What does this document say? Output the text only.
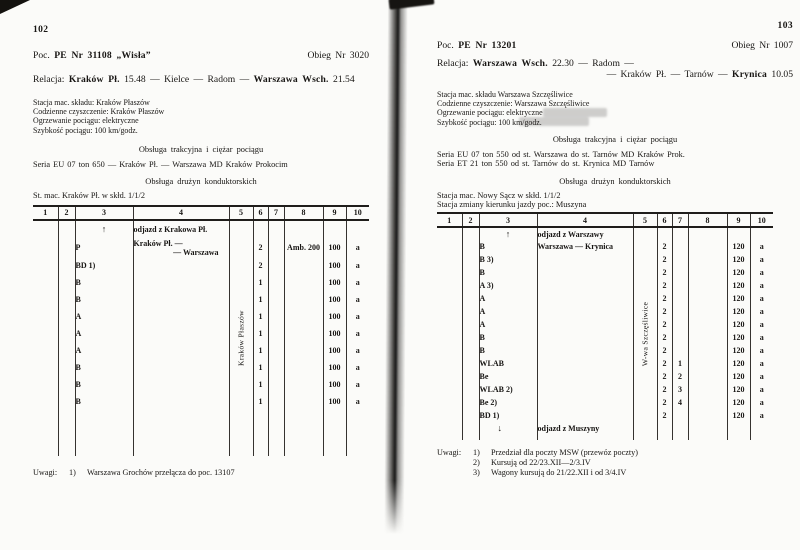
102
Poc. PE Nr 31108 „Wisła”	Obieg Nr 3020
Relacja: Kraków Pł. 15.48 — Kielce — Radom — Warszawa Wsch. 21.54
Stacja mac. składu: Kraków Płaszów
Codzienne czyszczenie: Kraków Płaszów
Ogrzewanie pociągu: elektryczne
Szybkość pociągu: 100 km/godz.
Obsługa trakcyjna i ciężar pociągu
Seria EU 07 ton 650 — Kraków Pł. — Warszawa MD Kraków Prokocim
Obsługa drużyn konduktorskich
St. mac. Kraków Pł. w skłd. 1/1/2
1	2	3	4	5	6	7	8	9	10
		↑	odjazd z Krakowa Pł.	Kraków Płaszów					

		P	Kraków Pł. —
— Warszawa		2		Amb. 200	100	a
		BD 1)			2			100	a
		B			1			100	a
		B			1			100	a
		A			1			100	a
		A			1			100	a
		A			1			100	a
		B			1			100	a
		B			1			100	a
		B			1			100	a

Uwagi:	1)	Warszawa Grochów przełącza do poc. 13107
103
Poc. PE Nr 13201	Obieg Nr 1007
Relacja: Warszawa Wsch. 22.30 — Radom —
— Kraków Pł. — Tarnów — Krynica 10.05
Stacja mac. składu Warszawa Szczęśliwice
Codzienne czyszczenie: Warszawa Szczęśliwice
Ogrzewanie pociągu: elektryczne
Szybkość pociągu: 100 km/godz.
Obsługa trakcyjna i ciężar pociągu
Seria EU 07 ton 550 od st. Warszawa do st. Tarnów MD Kraków Prok.
Seria ET 21 ton 550 od st. Tarnów do st. Krynica MD Tarnów
Obsługa drużyn konduktorskich
Stacja mac. Nowy Sącz w skłd. 1/1/2
Stacja zmiany kierunku jazdy poc.: Muszyna
1	2	3	4	5	6	7	8	9	10
		↑	odjazd z Warszawy	W-wa Szczęśliwice					

		B	Warszawa — Krynica		2			120	a
		B 3)			2			120	a
		B			2			120	a
		A 3)			2			120	a
		A			2			120	a
		A			2			120	a
		A			2			120	a
		B			2			120	a
		B			2			120	a
		WLAB			2	1		120	a
		Be			2	2		120	a
		WLAB 2)			2	3		120	a
		Be 2)			2	4		120	a
		BD 1)			2			120	a
		↓	odjazd z Muszyny						

Uwagi:	1)	Przedział dla poczty MSW (przewóz poczty)
2)	Kursują od 22/23.XII—2/3.IV
3)	Wagony kursują do 21/22.XII i od 3/4.IV
